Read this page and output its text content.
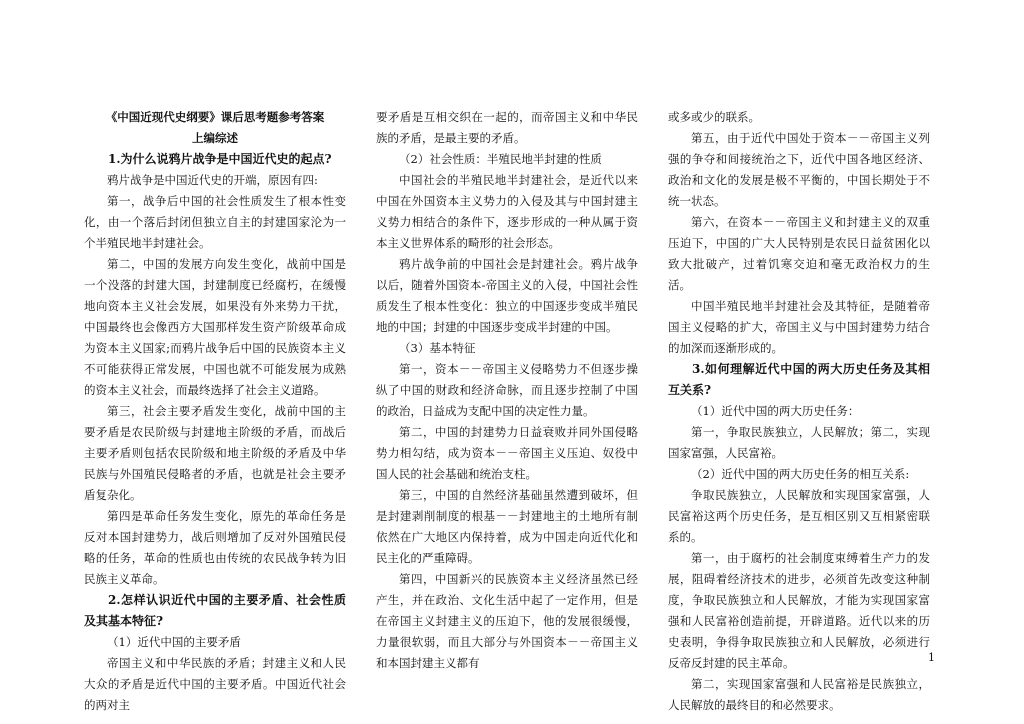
《中国近现代史纲要》课后思考题参考答案

上编综述

1.为什么说鸦片战争是中国近代史的起点?

鸦片战争是中国近代史的开端，原因有四:

第一，战争后中国的社会性质发生了根本性变化，由一个落后封闭但独立自主的封建国家沦为一个半殖民地半封建社会。

第二，中国的发展方向发生变化，战前中国是一个没落的封建大国，封建制度已经腐朽，在缓慢地向资本主义社会发展，如果没有外来势力干扰，中国最终也会像西方大国那样发生资产阶级革命成为资本主义国家;而鸦片战争后中国的民族资本主义不可能获得正常发展，中国也就不可能发展为成熟的资本主义社会，而最终选择了社会主义道路。

第三，社会主要矛盾发生变化，战前中国的主要矛盾是农民阶级与封建地主阶级的矛盾，而战后主要矛盾则包括农民阶级和地主阶级的矛盾及中华民族与外国殖民侵略者的矛盾，也就是社会主要矛盾复杂化。

第四是革命任务发生变化，原先的革命任务是反对本国封建势力，战后则增加了反对外国殖民侵略的任务，革命的性质也由传统的农民战争转为旧民族主义革命。

2.怎样认识近代中国的主要矛盾、社会性质及其基本特征?

（1）近代中国的主要矛盾

帝国主义和中华民族的矛盾；封建主义和人民大众的矛盾是近代中国的主要矛盾。中国近代社会的两对主

要矛盾是互相交织在一起的，而帝国主义和中华民族的矛盾，是最主要的矛盾。

（2）社会性质：半殖民地半封建的性质

中国社会的半殖民地半封建社会，是近代以来中国在外国资本主义势力的入侵及其与中国封建主义势力相结合的条件下，逐步形成的一种从属于资本主义世界体系的畸形的社会形态。

鸦片战争前的中国社会是封建社会。鸦片战争以后，随着外国资本-帝国主义的入侵，中国社会性质发生了根本性变化：独立的中国逐步变成半殖民地的中国；封建的中国逐步变成半封建的中国。

（3）基本特征

第一，资本－－帝国主义侵略势力不但逐步操纵了中国的财政和经济命脉，而且逐步控制了中国的政治，日益成为支配中国的决定性力量。

第二，中国的封建势力日益衰败并同外国侵略势力相勾结，成为资本－－帝国主义压迫、奴役中国人民的社会基础和统治支柱。

第三，中国的自然经济基础虽然遭到破坏，但是封建剥削制度的根基－－封建地主的土地所有制依然在广大地区内保持着，成为中国走向近代化和民主化的严重障碍。

第四，中国新兴的民族资本主义经济虽然已经产生，并在政治、文化生活中起了一定作用，但是在帝国主义封建主义的压迫下，他的发展很缓慢，力量很软弱，而且大部分与外国资本－－帝国主义和本国封建主义都有

或多或少的联系。

第五，由于近代中国处于资本－－帝国主义列强的争夺和间接统治之下，近代中国各地区经济、政治和文化的发展是极不平衡的，中国长期处于不统一状态。

第六，在资本－－帝国主义和封建主义的双重压迫下，中国的广大人民特别是农民日益贫困化以致大批破产，过着饥寒交迫和毫无政治权力的生活。

中国半殖民地半封建社会及其特征，是随着帝国主义侵略的扩大，帝国主义与中国封建势力结合的加深而逐渐形成的。

3.如何理解近代中国的两大历史任务及其相互关系?

（1）近代中国的两大历史任务：

第一，争取民族独立，人民解放；第二，实现国家富强，人民富裕。

（2）近代中国的两大历史任务的相互关系:

争取民族独立，人民解放和实现国家富强，人民富裕这两个历史任务，是互相区别又互相紧密联系的。

第一，由于腐朽的社会制度束缚着生产力的发展，阻碍着经济技术的进步，必须首先改变这种制度，争取民族独立和人民解放，才能为实现国家富强和人民富裕创造前提，开辟道路。近代以来的历史表明，争得争取民族独立和人民解放，必须进行反帝反封建的民主革命。

第二，实现国家富强和人民富裕是民族独立，人民解放的最终目的和必然要求。

1
